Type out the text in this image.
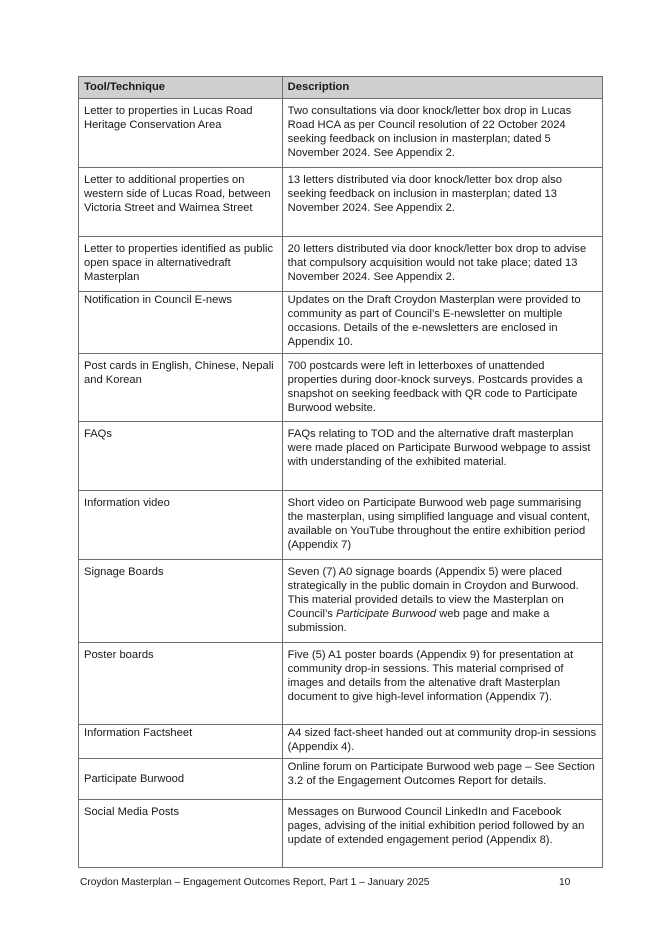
Tool/Technique	Description
Letter to properties in Lucas Road Heritage Conservation Area	Two consultations via door knock/letter box drop in Lucas Road HCA as per Council resolution of 22 October 2024 seeking feedback on inclusion in masterplan; dated 5 November 2024. See Appendix 2.
Letter to additional properties on western side of Lucas Road, between Victoria Street and Waimea Street	13 letters distributed via door knock/letter box drop also seeking feedback on inclusion in masterplan; dated 13 November 2024. See Appendix 2.
Letter to properties identified as public open space in alternativedraft Masterplan	20 letters distributed via door knock/letter box drop to advise that compulsory acquisition would not take place; dated 13 November 2024. See Appendix 2.
Notification in Council E-news	Updates on the Draft Croydon Masterplan were provided to community as part of Council’s E-newsletter on multiple occasions. Details of the e-newsletters are enclosed in Appendix 10.
Post cards in English, Chinese, Nepali and Korean	700 postcards were left in letterboxes of unattended properties during door-knock surveys. Postcards provides a snapshot on seeking feedback with QR code to Participate Burwood website.
FAQs	FAQs relating to TOD and the alternative draft masterplan were made placed on Participate Burwood webpage to assist with understanding of the exhibited material.
Information video	Short video on Participate Burwood web page summarising the masterplan, using simplified language and visual content, available on YouTube throughout the entire exhibition period (Appendix 7)
Signage Boards	Seven (7) A0 signage boards (Appendix 5) were placed strategically in the public domain in Croydon and Burwood. This material provided details to view the Masterplan on Council’s Participate Burwood web page and make a submission.
Poster boards	Five (5) A1 poster boards (Appendix 9) for presentation at community drop-in sessions. This material comprised of images and details from the altenative draft Masterplan document to give high-level information (Appendix 7).
Information Factsheet	A4 sized fact-sheet handed out at community drop-in sessions (Appendix 4).
Participate Burwood	Online forum on Participate Burwood web page – See Section 3.2 of the Engagement Outcomes Report for details.
Social Media Posts	Messages on Burwood Council LinkedIn and Facebook pages, advising of the initial exhibition period followed by an update of extended engagement period (Appendix 8).
Croydon Masterplan – Engagement Outcomes Report, Part 1 – January 2025	10
